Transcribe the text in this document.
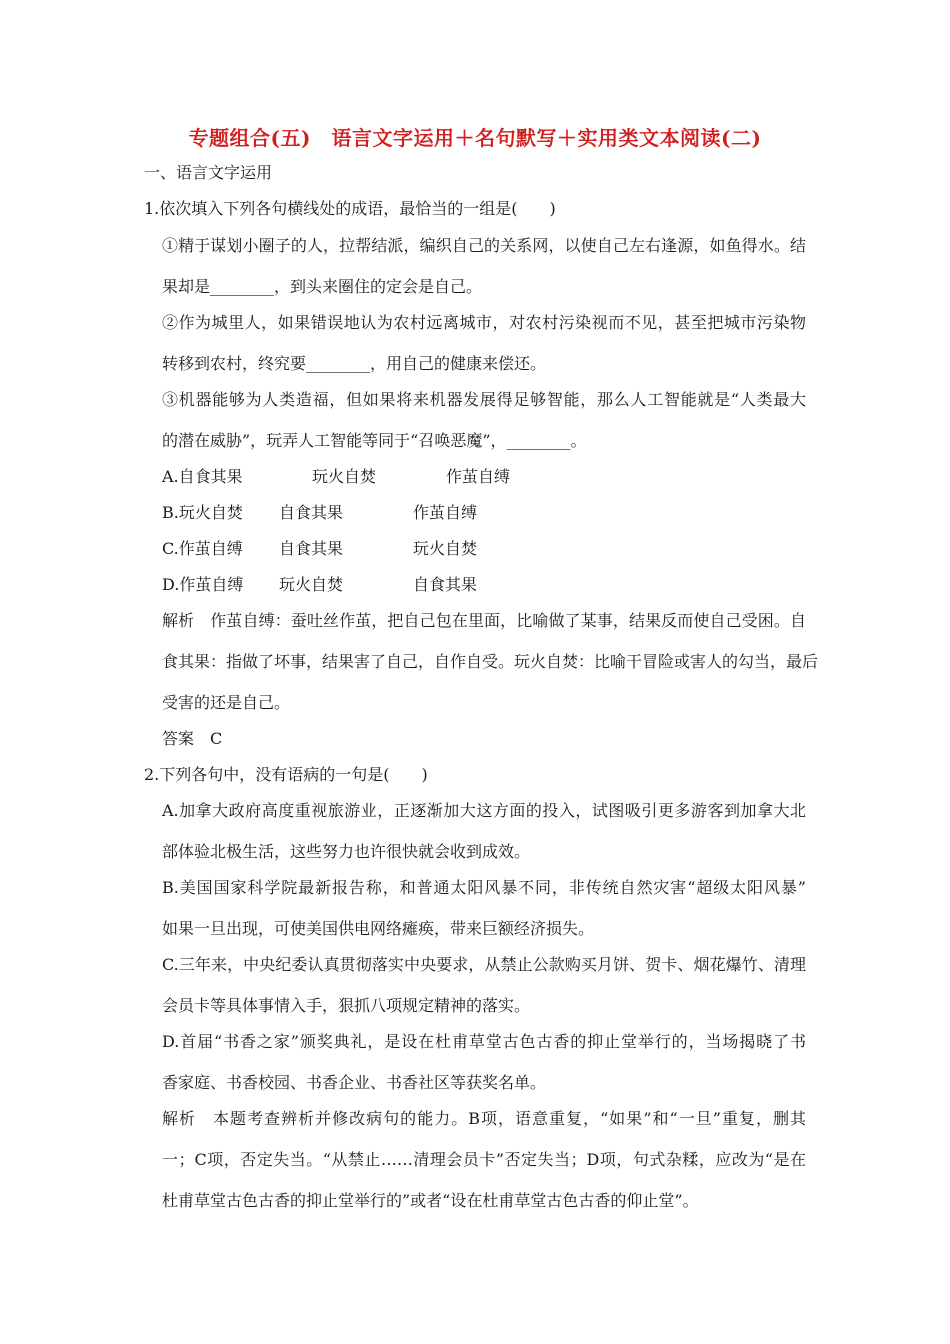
专题组合(五)　语言文字运用＋名句默写＋实用类文本阅读(二)
一、语言文字运用
1.依次填入下列各句横线处的成语，最恰当的一组是(　　)
①精于谋划小圈子的人，拉帮结派，编织自己的关系网，以使自己左右逢源，如鱼得水。结
果却是________，到头来圈住的定会是自己。
②作为城里人，如果错误地认为农村远离城市，对农村污染视而不见，甚至把城市污染物
转移到农村，终究要________，用自己的健康来偿还。
③机器能够为人类造福，但如果将来机器发展得足够智能，那么人工智能就是“人类最大
的潜在威胁”，玩弄人工智能等同于“召唤恶魔”，________。
A.自食其果	玩火自焚	作茧自缚
B.玩火自焚 自食其果	作茧自缚
C.作茧自缚 自食其果	玩火自焚
D.作茧自缚 玩火自焚	自食其果
解析　作茧自缚：蚕吐丝作茧，把自己包在里面，比喻做了某事，结果反而使自己受困。自
食其果：指做了坏事，结果害了自己，自作自受。玩火自焚：比喻干冒险或害人的勾当，最后
受害的还是自己。
答案　C
2.下列各句中，没有语病的一句是(　　)
A.加拿大政府高度重视旅游业，正逐渐加大这方面的投入，试图吸引更多游客到加拿大北
部体验北极生活，这些努力也许很快就会收到成效。
B.美国国家科学院最新报告称，和普通太阳风暴不同，非传统自然灾害“超级太阳风暴”
如果一旦出现，可使美国供电网络瘫痪，带来巨额经济损失。
C.三年来，中央纪委认真贯彻落实中央要求，从禁止公款购买月饼、贺卡、烟花爆竹、清理
会员卡等具体事情入手，狠抓八项规定精神的落实。
D.首届“书香之家”颁奖典礼，是设在杜甫草堂古色古香的抑止堂举行的，当场揭晓了书
香家庭、书香校园、书香企业、书香社区等获奖名单。
解析　本题考查辨析并修改病句的能力。B项，语意重复，“如果”和“一旦”重复，删其
一；C项，否定失当。“从禁止……清理会员卡”否定失当；D项，句式杂糅，应改为“是在
杜甫草堂古色古香的抑止堂举行的”或者“设在杜甫草堂古色古香的仰止堂”。
